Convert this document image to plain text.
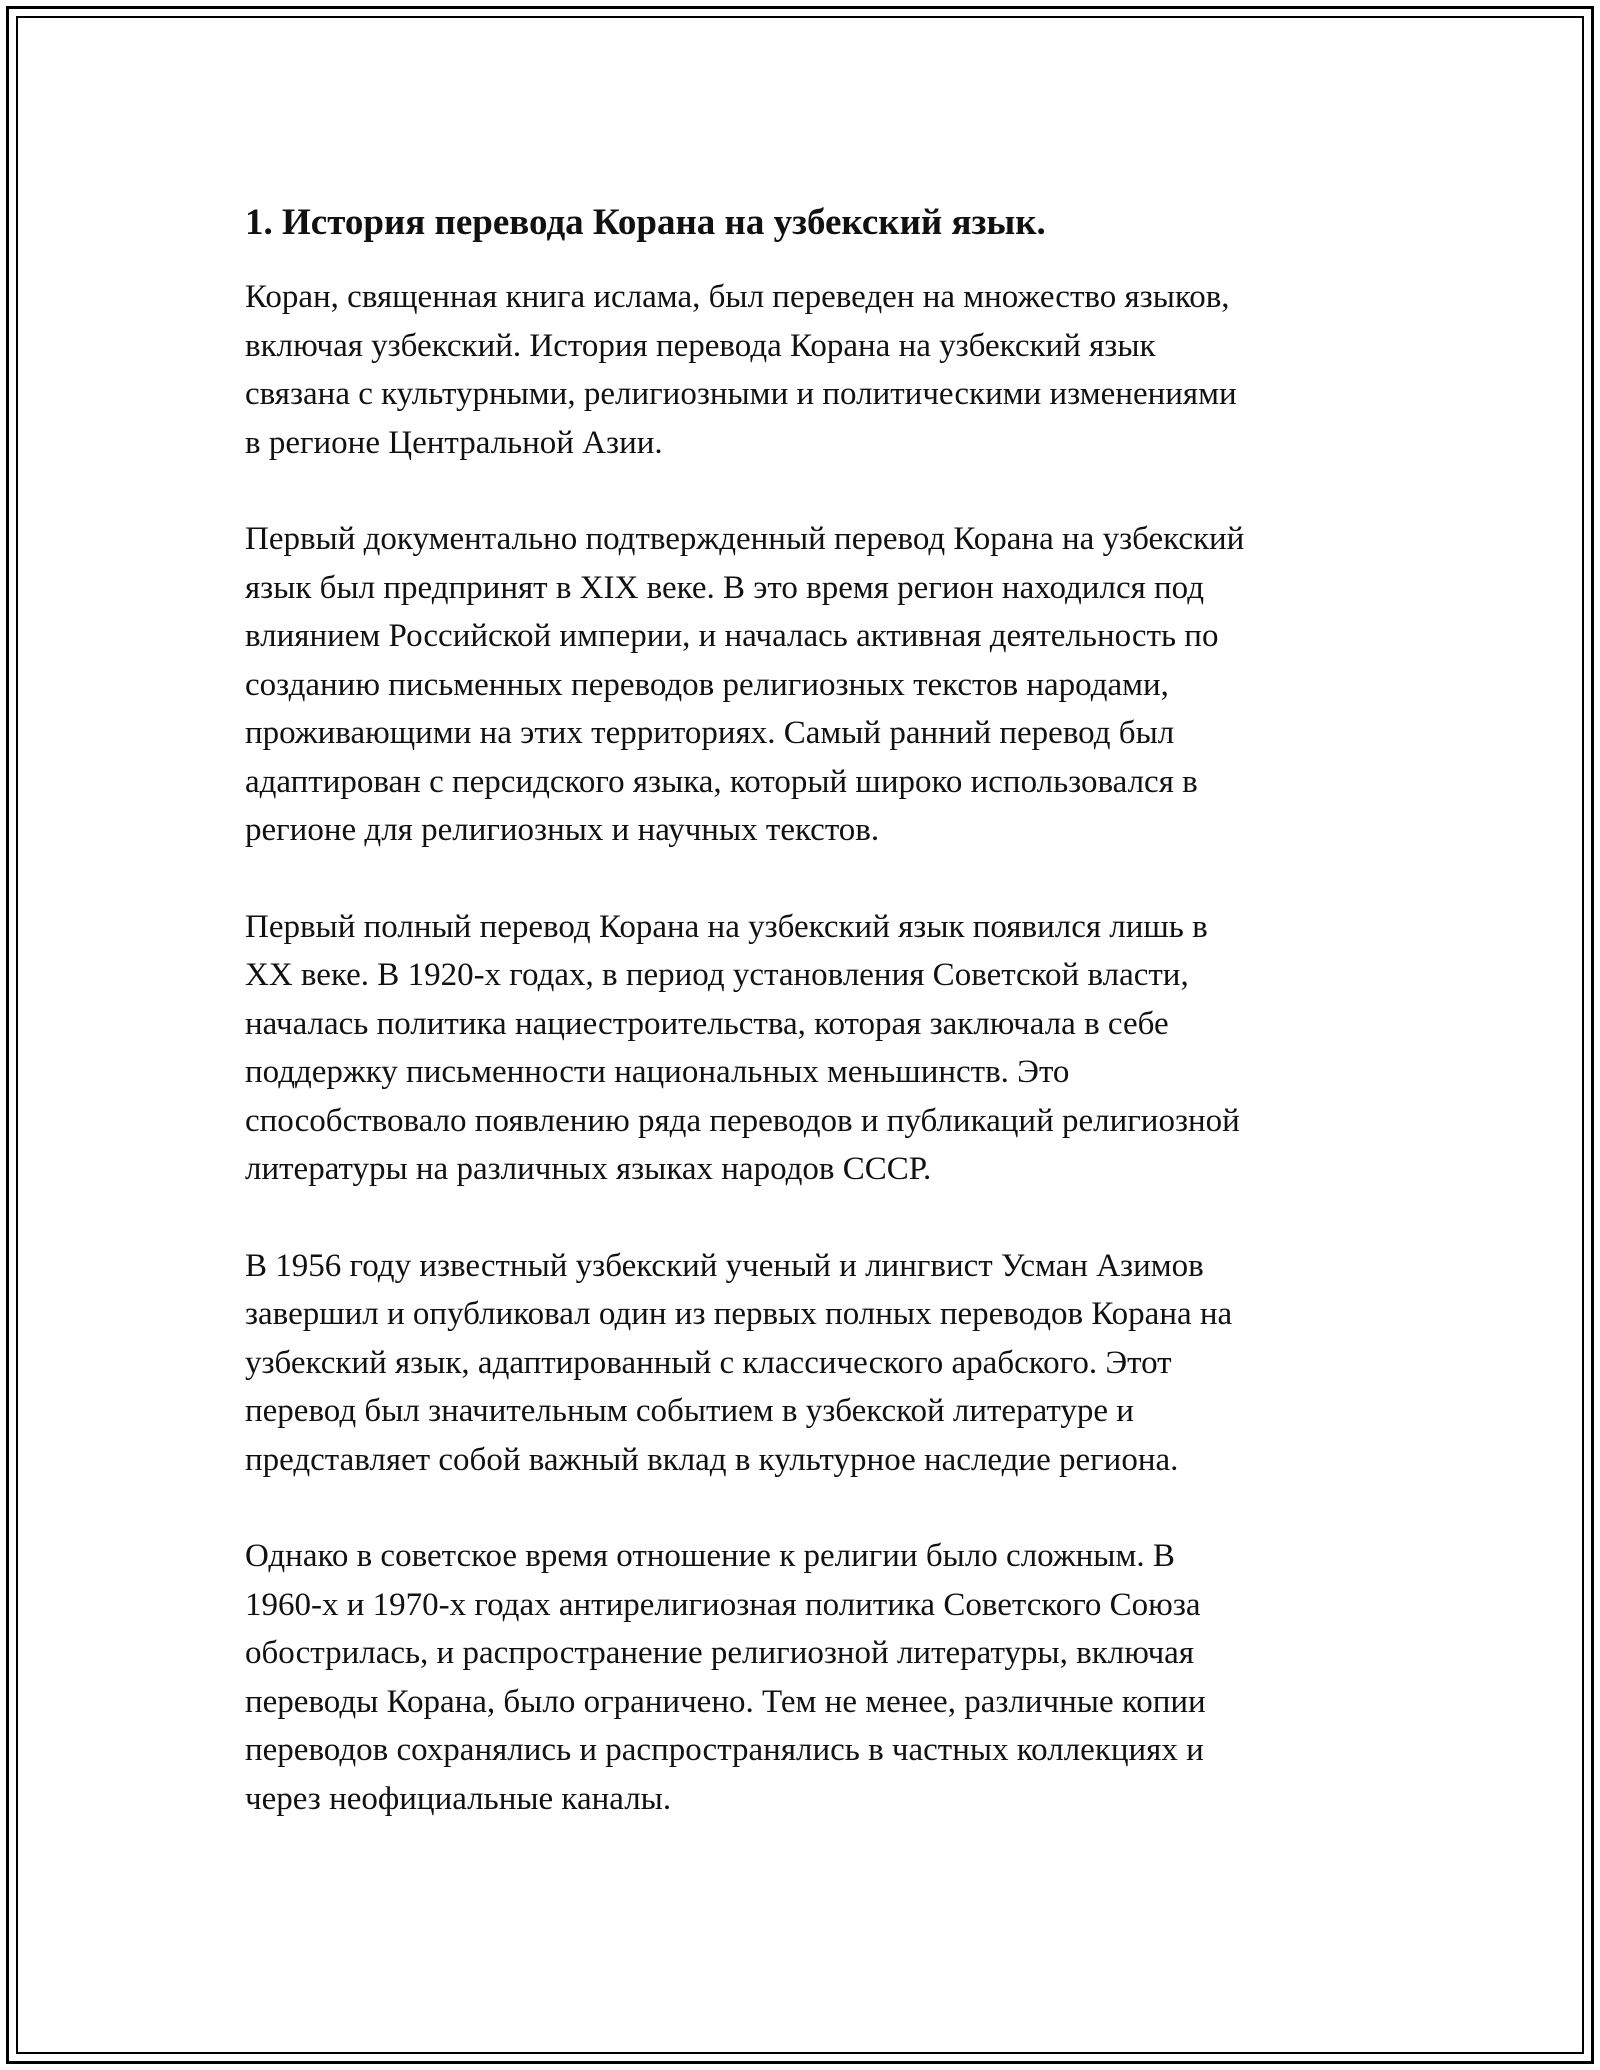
1. История перевода Корана на узбекский язык.

Коран, священная книга ислама, был переведен на множество языков,
включая узбекский. История перевода Корана на узбекский язык
связана с культурными, религиозными и политическими изменениями
в регионе Центральной Азии.

Первый документально подтвержденный перевод Корана на узбекский
язык был предпринят в XIX веке. В это время регион находился под
влиянием Российской империи, и началась активная деятельность по
созданию письменных переводов религиозных текстов народами,
проживающими на этих территориях. Самый ранний перевод был
адаптирован с персидского языка, который широко использовался в
регионе для религиозных и научных текстов.

Первый полный перевод Корана на узбекский язык появился лишь в
XX веке. В 1920-х годах, в период установления Советской власти,
началась политика нациестроительства, которая заключала в себе
поддержку письменности национальных меньшинств. Это
способствовало появлению ряда переводов и публикаций религиозной
литературы на различных языках народов СССР.

В 1956 году известный узбекский ученый и лингвист Усман Азимов
завершил и опубликовал один из первых полных переводов Корана на
узбекский язык, адаптированный с классического арабского. Этот
перевод был значительным событием в узбекской литературе и
представляет собой важный вклад в культурное наследие региона.

Однако в советское время отношение к религии было сложным. В
1960-х и 1970-х годах антирелигиозная политика Советского Союза
обострилась, и распространение религиозной литературы, включая
переводы Корана, было ограничено. Тем не менее, различные копии
переводов сохранялись и распространялись в частных коллекциях и
через неофициальные каналы.
